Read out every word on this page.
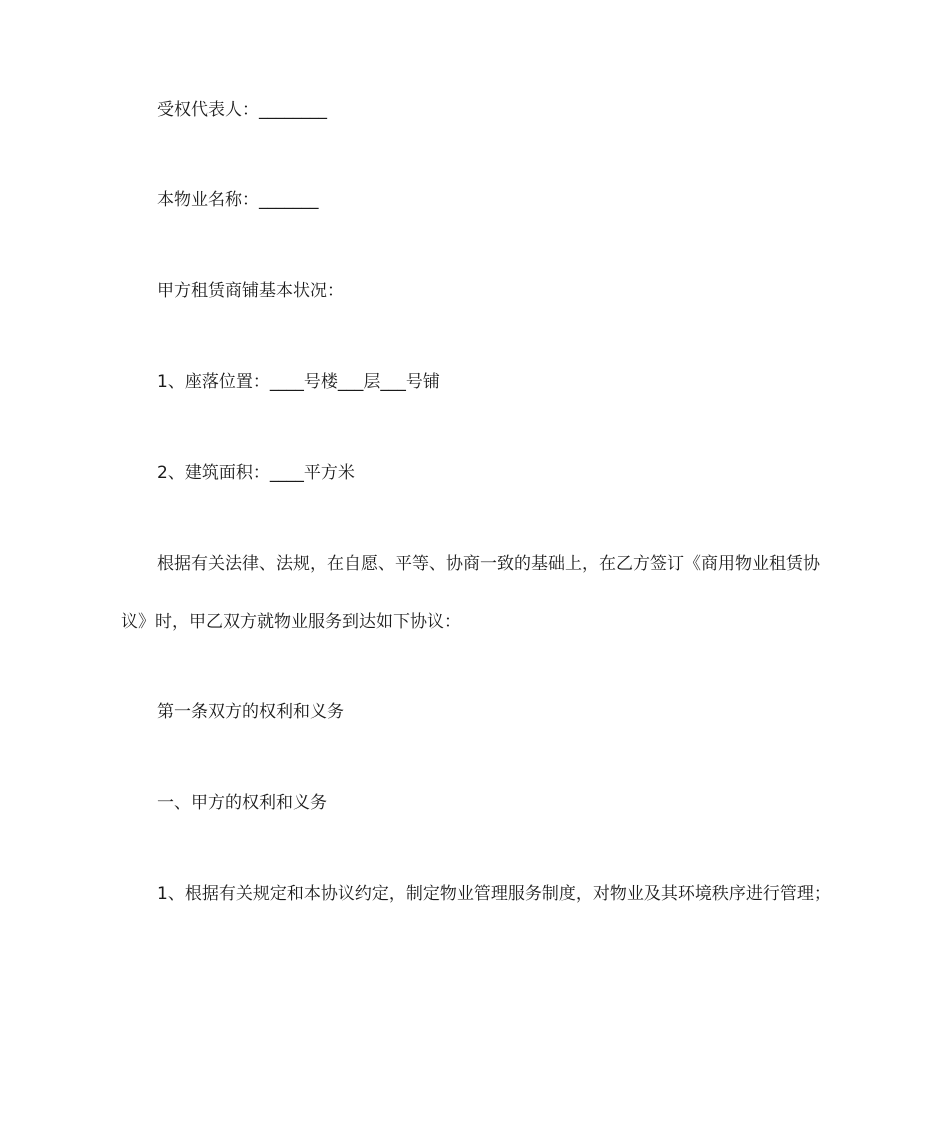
受权代表人：________

本物业名称：_______

甲方租赁商铺基本状况：

1、座落位置：____号楼___层___号铺

2、建筑面积：____平方米

根据有关法律、法规，在自愿、平等、协商一致的基础上，在乙方签订《商用物业租赁协议》时，甲乙双方就物业服务到达如下协议：

第一条双方的权利和义务

一、甲方的权利和义务

1、根据有关规定和本协议约定，制定物业管理服务制度，对物业及其环境秩序进行管理；
